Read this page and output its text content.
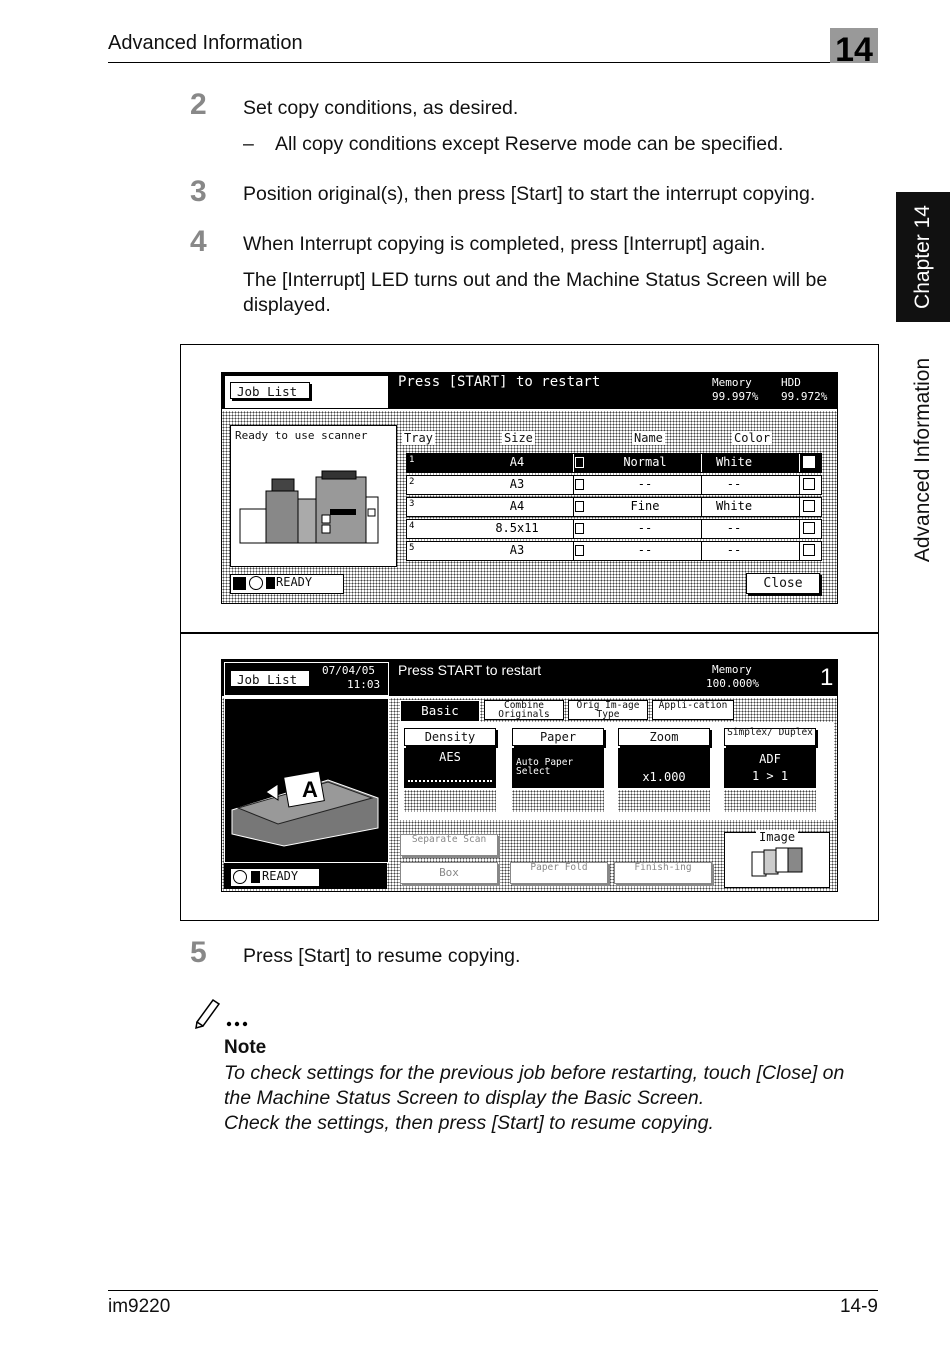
Advanced Information	14
Chapter 14
Advanced Information
2 Set copy conditions, as desired.
– All copy conditions except Reserve mode can be specified.
3 Position original(s), then press [Start] to start the interrupt copying.
4 When Interrupt copying is completed, press [Interrupt] again.
The [Interrupt] LED turns out and the Machine Status Screen will be displayed.
Job List
Press [START] to restart	Memory
99.997%
HDD
99.972%
Ready to use scanner
READY
Tray	Size	Name	Color
1	A4	Normal	White
2	A3	--	--
3	A4	Fine	White
4	8.5x11	--	--
5	A3	--	--
Close
Job List
07/04/05
11:03
Press START to restart	Memory
100.000%	1
A
READY
Basic	Combine Originals
Orig Im-age Type
Appli-cation
Density
AES
Paper
Auto Paper Select
Zoom
x1.000
Simplex/ Duplex
ADF
1 > 1
Separate Scan
Box	Paper Fold	Finish-ing
Image
5 Press [Start] to resume copying.
Note
To check settings for the previous job before restarting, touch [Close] on
the Machine Status Screen to display the Basic Screen.
Check the settings, then press [Start] to resume copying.
im9220	14-9
